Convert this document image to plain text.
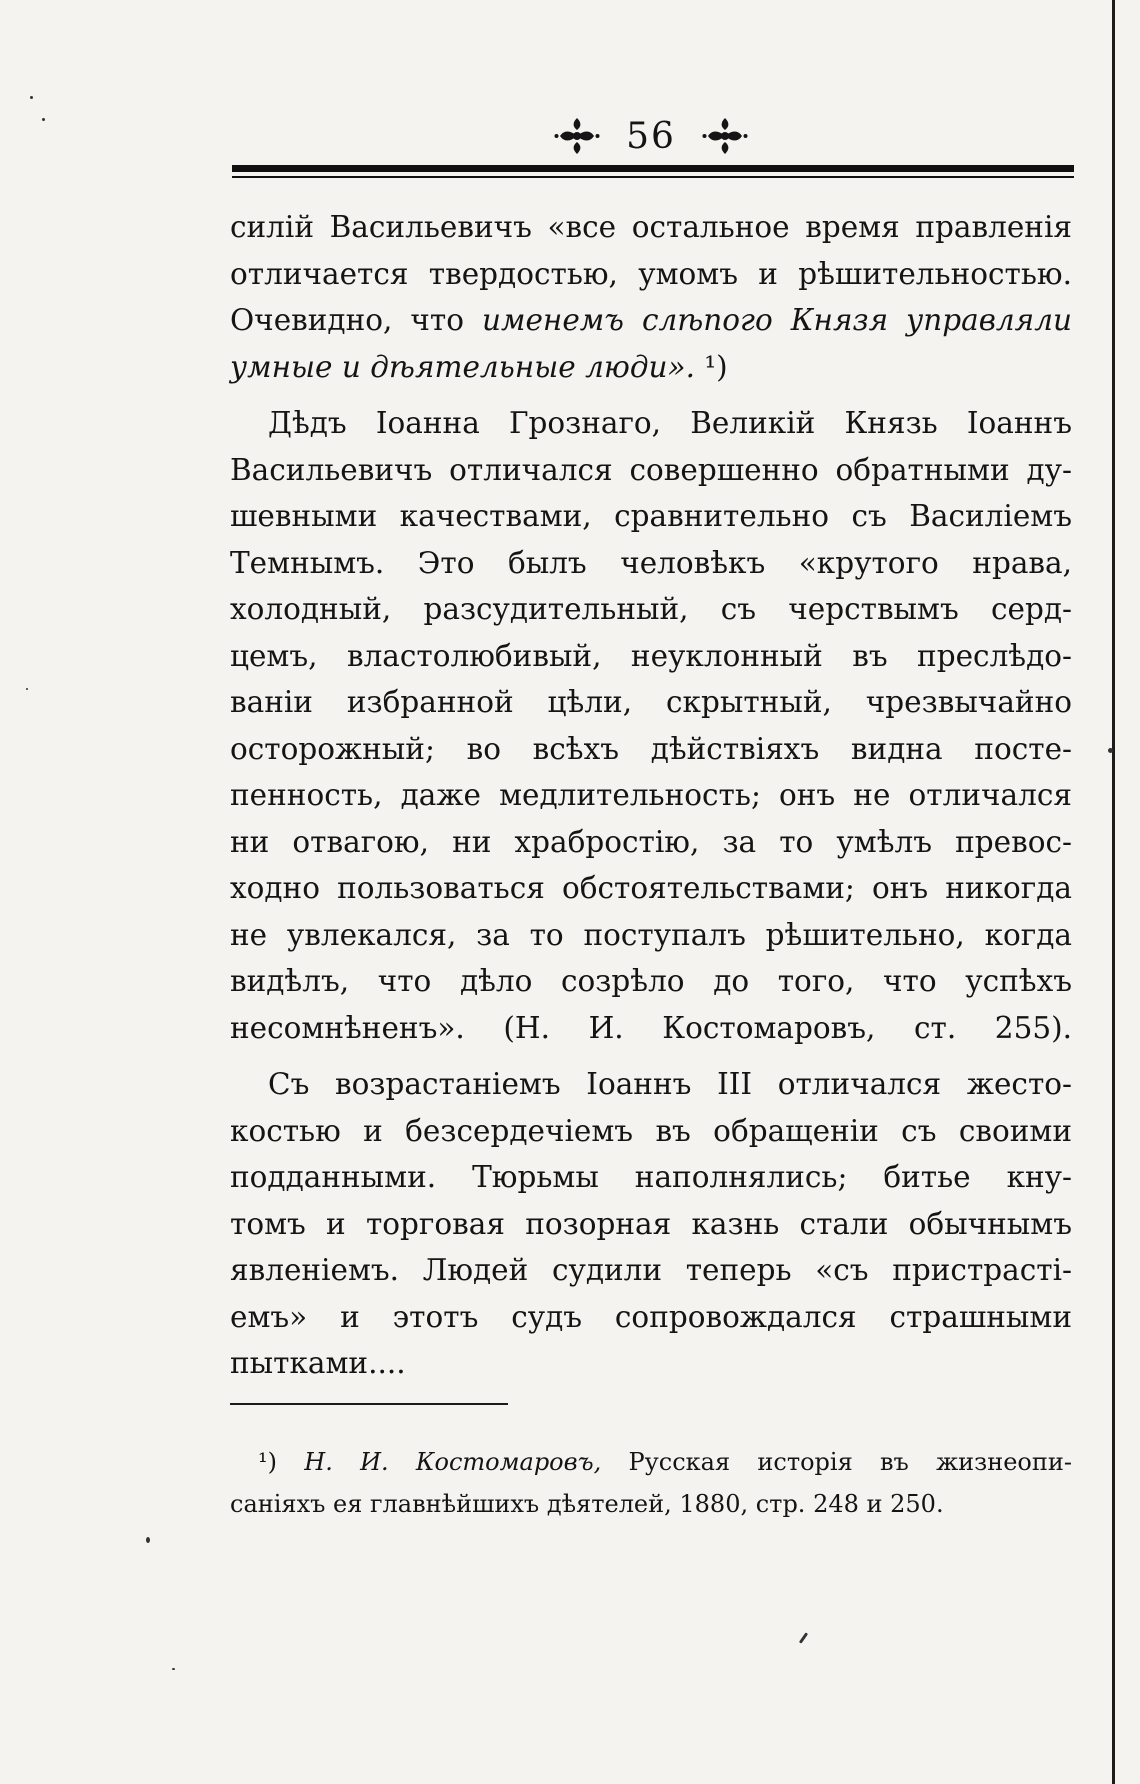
56
силій Васильевичъ «все остальное время правленія
отличается твердостью, умомъ и рѣшительностью.
Очевидно, что именемъ слѣпого Князя управляли
умные и дѣятельные люди». ¹)
Дѣдъ Іоанна Грознаго, Великій Князь Іоаннъ
Васильевичъ отличался совершенно обратными ду-
шевными качествами, сравнительно съ Василіемъ
Темнымъ. Это былъ человѣкъ «крутого нрава,
холодный, разсудительный, съ черствымъ серд-
цемъ, властолюбивый, неуклонный въ преслѣдо-
ваніи избранной цѣли, скрытный, чрезвычайно
осторожный; во всѣхъ дѣйствіяхъ видна посте-
пенность, даже медлительность; онъ не отличался
ни отвагою, ни храбростію, за то умѣлъ превос-
ходно пользоваться обстоятельствами; онъ никогда
не увлекался, за то поступалъ рѣшительно, когда
видѣлъ, что дѣло созрѣло до того, что успѣхъ
несомнѣненъ». (Н. И. Костомаровъ, ст. 255).
Съ возрастаніемъ Іоаннъ III отличался жесто-
костью и безсердечіемъ въ обращеніи съ своими
подданными. Тюрьмы наполнялись; битье кну-
томъ и торговая позорная казнь стали обычнымъ
явленіемъ. Людей судили теперь «съ пристрасті-
емъ» и этотъ судъ сопровождался страшными
пытками....
¹) Н. И. Костомаровъ, Русская исторія въ жизнеопи-
саніяхъ ея главнѣйшихъ дѣятелей, 1880, стр. 248 и 250.
